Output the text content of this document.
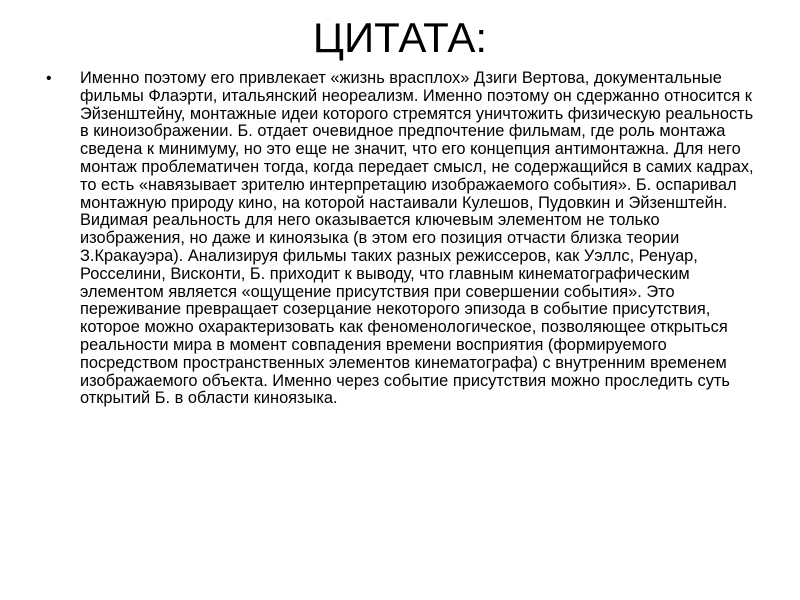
ЦИТАТА:
• Именно поэтому его привлекает «жизнь врасплох» Дзиги Вертова, документальные фильмы Флаэрти, итальянский неореализм. Именно поэтому он сдержанно относится к Эйзенштейну, монтажные идеи которого стремятся уничтожить физическую реальность в киноизображении. Б. отдает очевидное предпочтение фильмам, где роль монтажа сведена к минимуму, но это еще не значит, что его концепция антимонтажна. Для него монтаж проблематичен тогда, когда передает смысл, не содержащийся в самих кадрах, то есть «навязывает зрителю интерпретацию изображаемого события». Б. оспаривал монтажную природу кино, на которой настаивали Кулешов, Пудовкин и Эйзенштейн. Видимая реальность для него оказывается ключевым элементом не только изображения, но даже и киноязыка (в этом его позиция отчасти близка теории З.Кракауэра). Анализируя фильмы таких разных режиссеров, как Уэллс, Ренуар, Росселини, Висконти, Б. приходит к выводу, что главным кинематографическим элементом является «ощущение присутствия при совершении события». Это переживание превращает созерцание некоторого эпизода в событие присутствия, которое можно охарактеризовать как феноменологическое, позволяющее открыться реальности мира в момент совпадения времени восприятия (формируемого посредством пространственных элементов кинематографа) с внутренним временем изображаемого объекта. Именно через событие присутствия можно проследить суть открытий Б. в области киноязыка.
